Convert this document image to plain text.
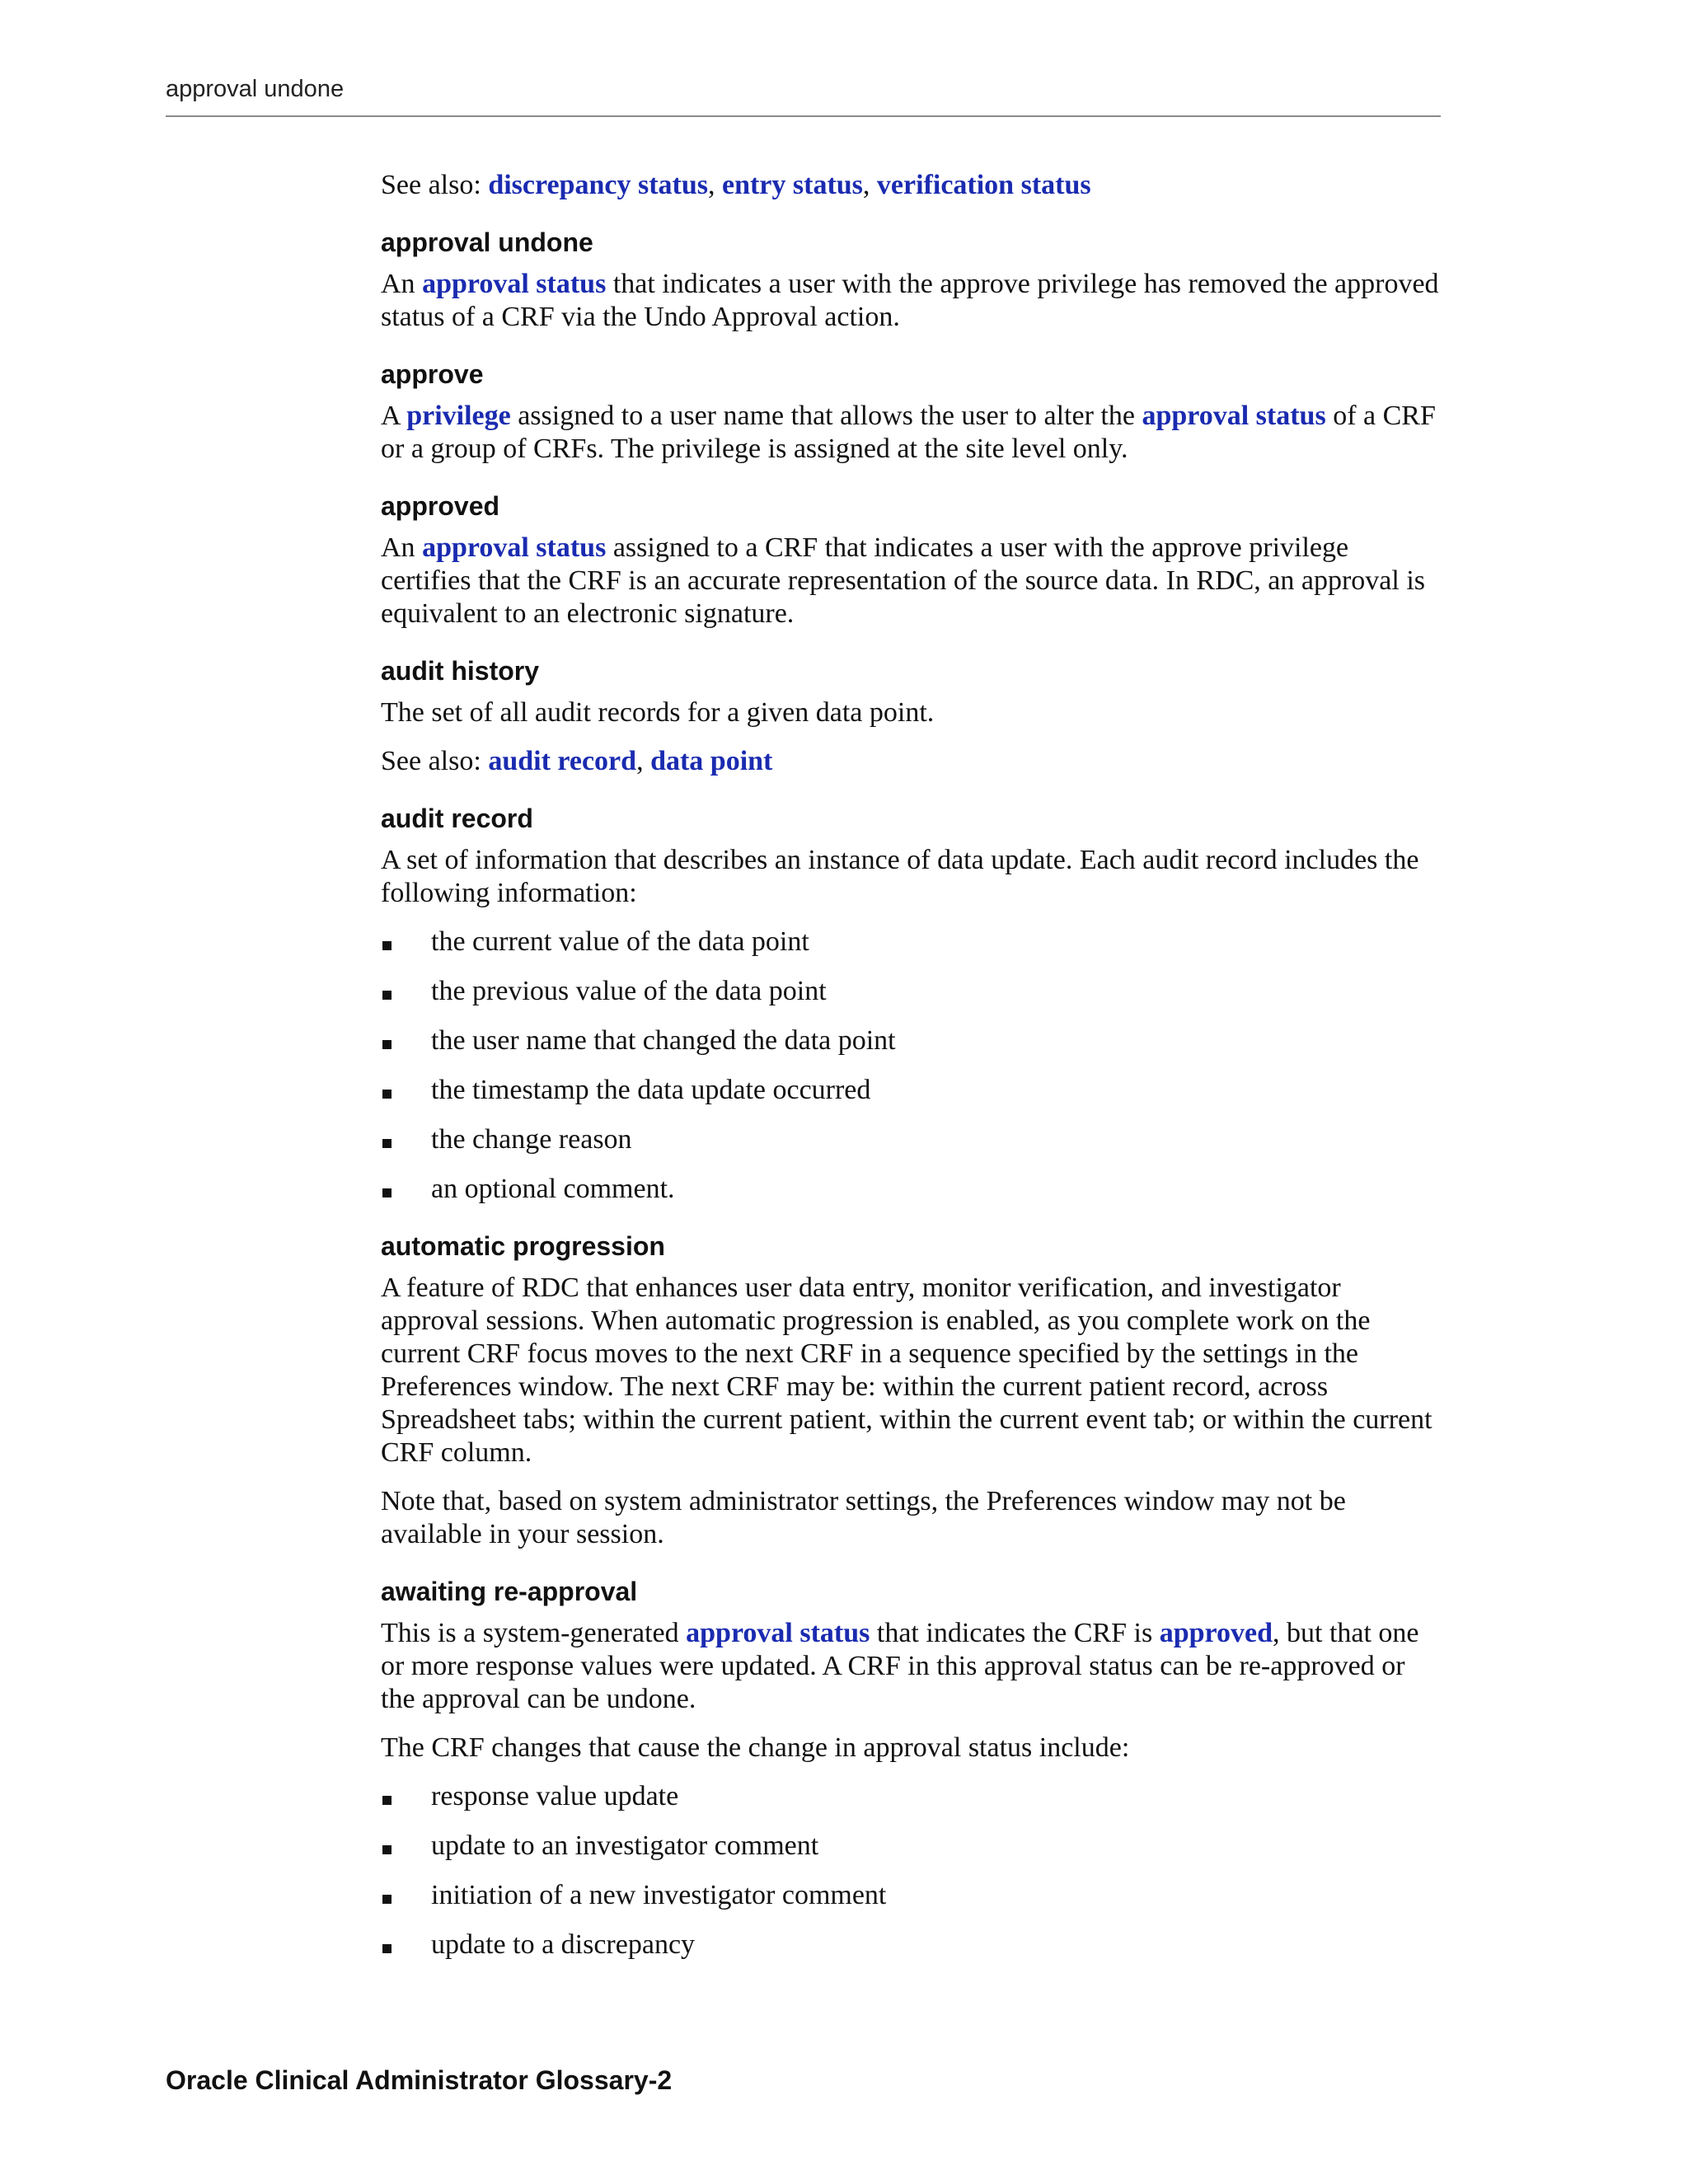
approval undone

See also: discrepancy status, entry status, verification status

approval undone

An approval status that indicates a user with the approve privilege has removed the approved status of a CRF via the Undo Approval action.

approve

A privilege assigned to a user name that allows the user to alter the approval status of a CRF or a group of CRFs. The privilege is assigned at the site level only.

approved

An approval status assigned to a CRF that indicates a user with the approve privilege certifies that the CRF is an accurate representation of the source data. In RDC, an approval is equivalent to an electronic signature.

audit history

The set of all audit records for a given data point.

See also: audit record, data point

audit record

A set of information that describes an instance of data update. Each audit record includes the following information:

the current value of the data point
the previous value of the data point
the user name that changed the data point
the timestamp the data update occurred
the change reason
an optional comment.
automatic progression

A feature of RDC that enhances user data entry, monitor verification, and investigator approval sessions. When automatic progression is enabled, as you complete work on the current CRF focus moves to the next CRF in a sequence specified by the settings in the Preferences window. The next CRF may be: within the current patient record, across Spreadsheet tabs; within the current patient, within the current event tab; or within the current CRF column.

Note that, based on system administrator settings, the Preferences window may not be available in your session.

awaiting re-approval

This is a system-generated approval status that indicates the CRF is approved, but that one or more response values were updated. A CRF in this approval status can be re-approved or the approval can be undone.

The CRF changes that cause the change in approval status include:

response value update
update to an investigator comment
initiation of a new investigator comment
update to a discrepancy
Oracle Clinical Administrator Glossary-2
